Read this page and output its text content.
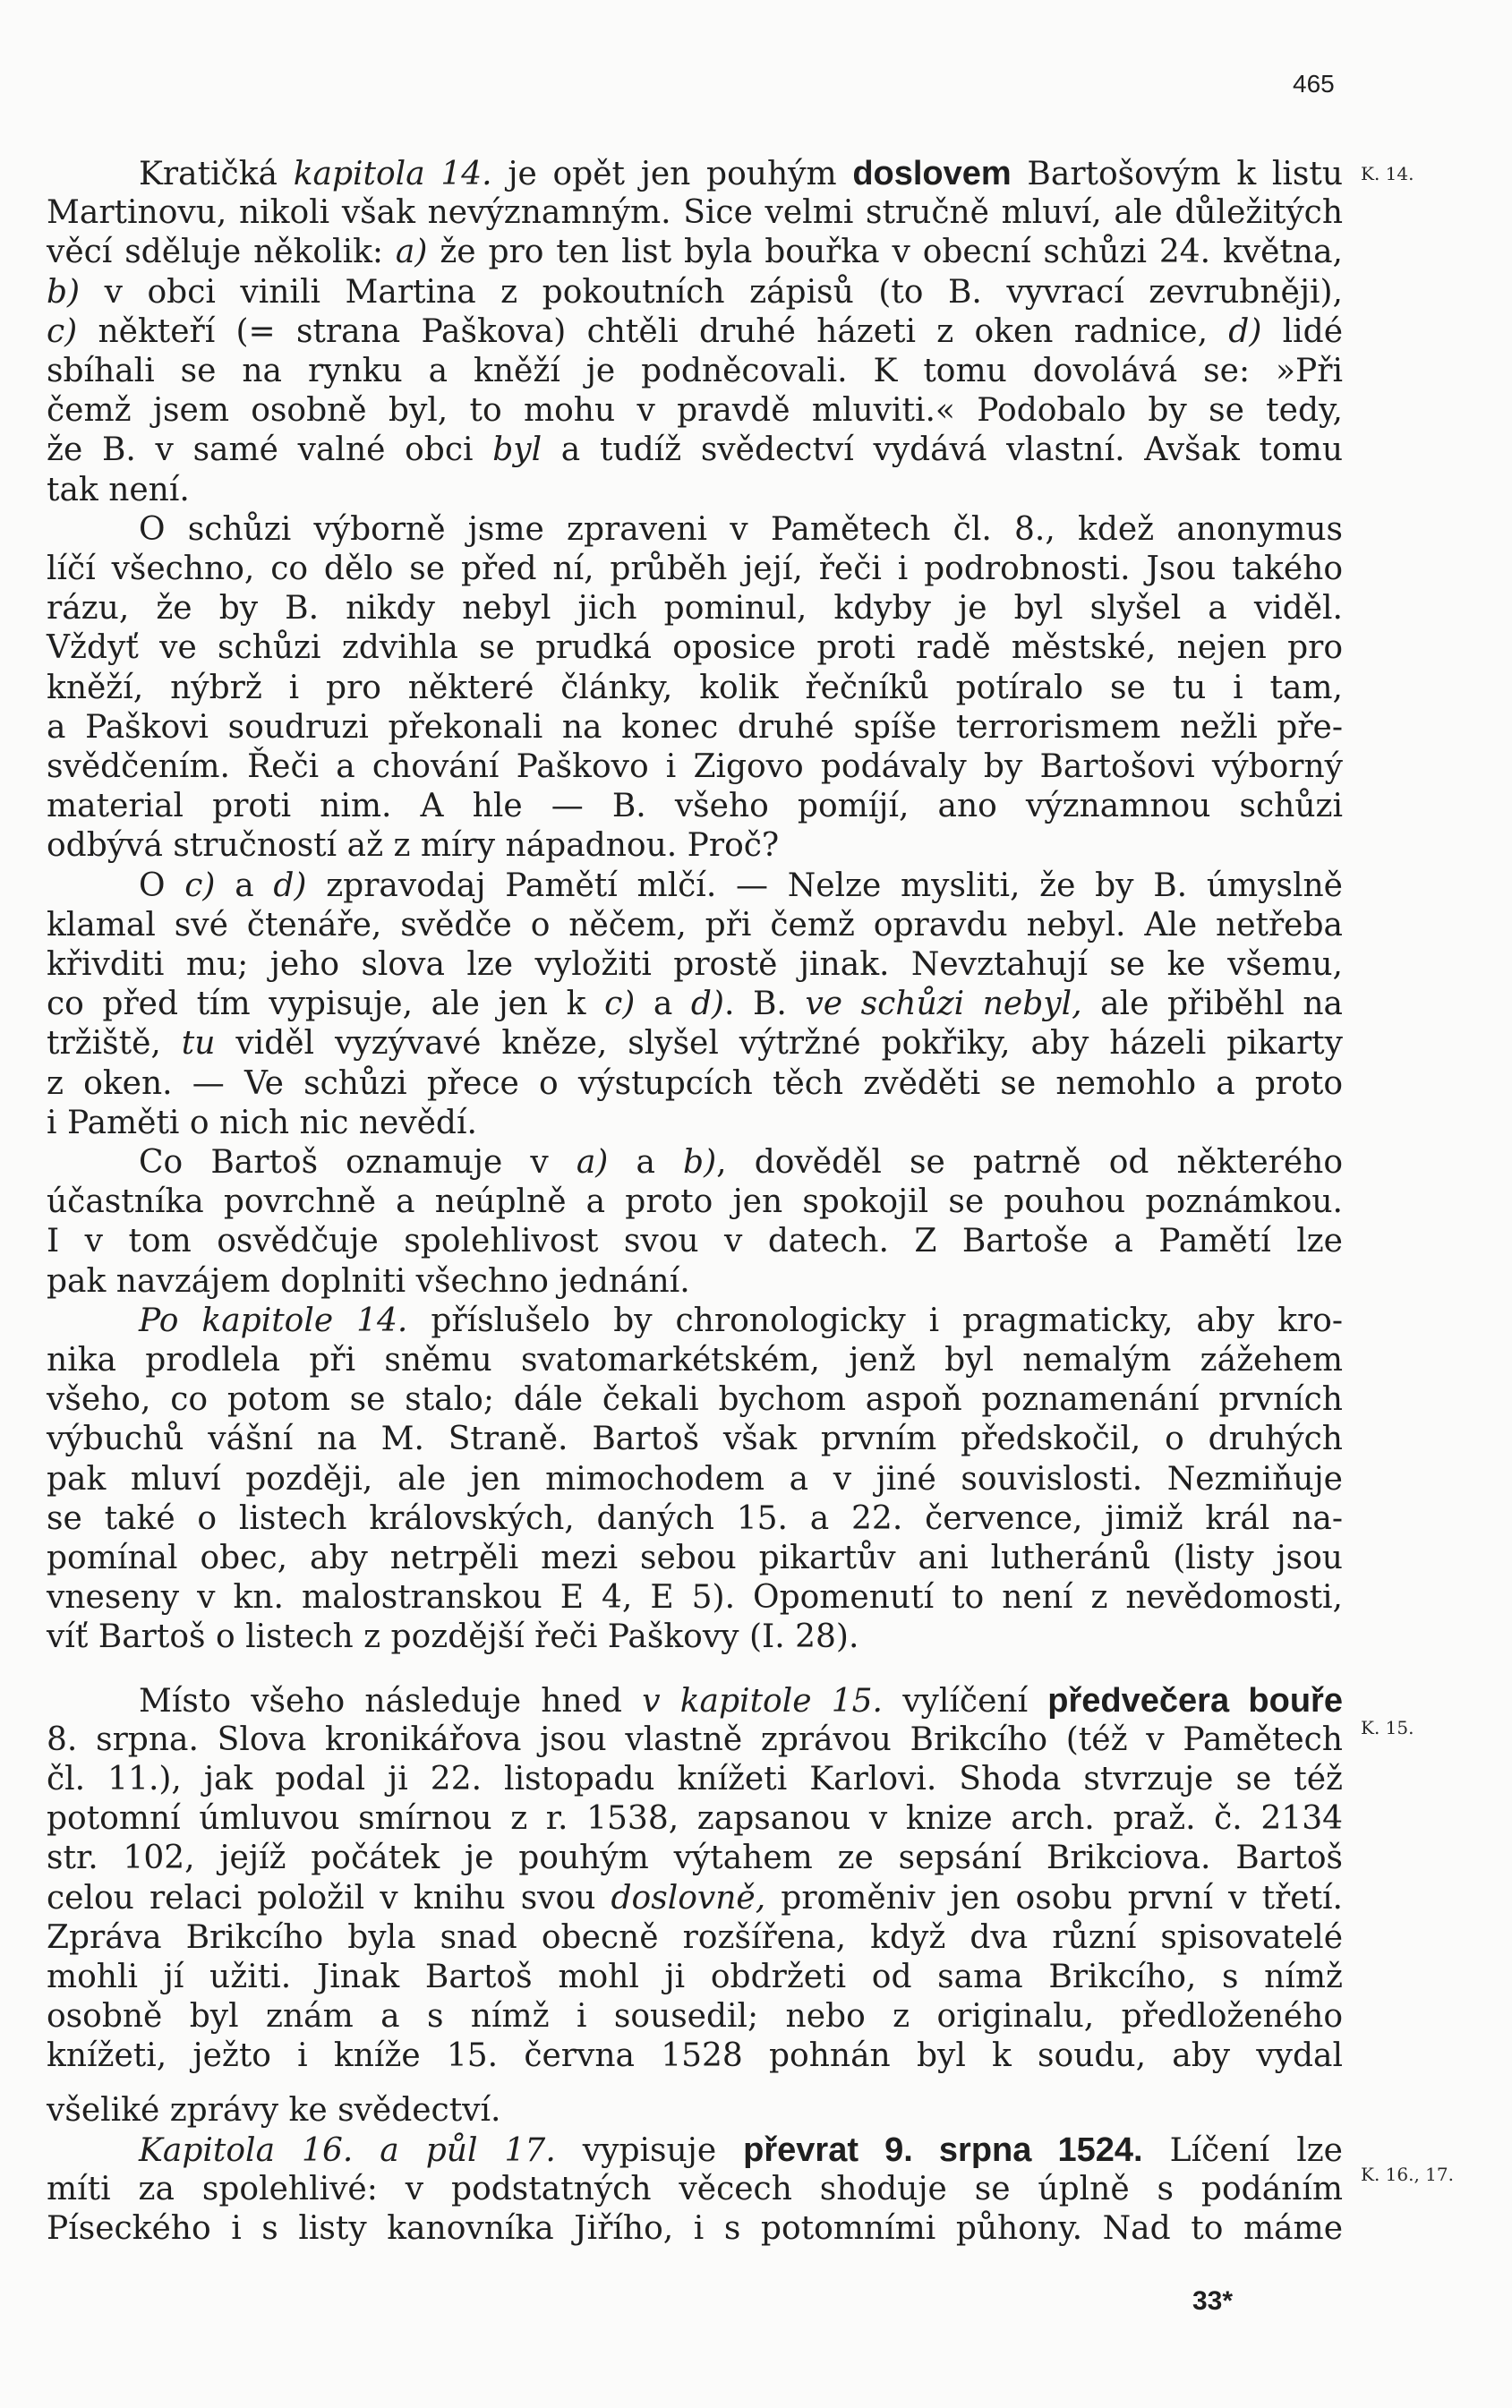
465
Kratičká kapitola 14. je opět jen pouhým doslovem Bartošovým k listu
Martinovu, nikoli však nevýznamným. Sice velmi stručně mluví, ale důležitých
věcí sděluje několik: a) že pro ten list byla bouřka v obecní schůzi 24. května,
b) v obci vinili Martina z pokoutních zápisů (to B. vyvrací zevrubněji),
c) někteří (= strana Paškova) chtěli druhé házeti z oken radnice, d) lidé
sbíhali se na rynku a kněží je podněcovali. K tomu dovolává se: »Při
čemž jsem osobně byl, to mohu v pravdě mluviti.« Podobalo by se tedy,
že B. v samé valné obci byl a tudíž svědectví vydává vlastní. Avšak tomu
tak není.
O schůzi výborně jsme zpraveni v Pamětech čl. 8., kdež anonymus
líčí všechno, co dělo se před ní, průběh její, řeči i podrobnosti. Jsou takého
rázu, že by B. nikdy nebyl jich pominul, kdyby je byl slyšel a viděl.
Vždyť ve schůzi zdvihla se prudká oposice proti radě městské, nejen pro
kněží, nýbrž i pro některé články, kolik řečníků potíralo se tu i tam,
a Paškovi soudruzi překonali na konec druhé spíše terrorismem nežli pře-
svědčením. Řeči a chování Paškovo i Zigovo podávaly by Bartošovi výborný
material proti nim. A hle — B. všeho pomíjí, ano významnou schůzi
odbývá stručností až z míry nápadnou. Proč?
O c) a d) zpravodaj Pamětí mlčí. — Nelze mysliti, že by B. úmyslně
klamal své čtenáře, svědče o něčem, při čemž opravdu nebyl. Ale netřeba
křivditi mu; jeho slova lze vyložiti prostě jinak. Nevztahují se ke všemu,
co před tím vypisuje, ale jen k c) a d). B. ve schůzi nebyl, ale přiběhl na
tržiště, tu viděl vyzývavé kněze, slyšel výtržné pokřiky, aby házeli pikarty
z oken. — Ve schůzi přece o výstupcích těch zvěděti se nemohlo a proto
i Paměti o nich nic nevědí.
Co Bartoš oznamuje v a) a b), dověděl se patrně od některého
účastníka povrchně a neúplně a proto jen spokojil se pouhou poznámkou.
I v tom osvědčuje spolehlivost svou v datech. Z Bartoše a Pamětí lze
pak navzájem doplniti všechno jednání.
Po kapitole 14. příslušelo by chronologicky i pragmaticky, aby kro-
nika prodlela při sněmu svatomarkétském, jenž byl nemalým zážehem
všeho, co potom se stalo; dále čekali bychom aspoň poznamenání prvních
výbuchů vášní na M. Straně. Bartoš však prvním předskočil, o druhých
pak mluví později, ale jen mimochodem a v jiné souvislosti. Nezmiňuje
se také o listech královských, daných 15. a 22. července, jimiž král na-
pomínal obec, aby netrpěli mezi sebou pikartův ani lutheránů (listy jsou
vneseny v kn. malostranskou E 4, E 5). Opomenutí to není z nevědomosti,
víť Bartoš o listech z pozdější řeči Paškovy (I. 28).
Místo všeho následuje hned v kapitole 15. vylíčení předvečera bouře
8. srpna. Slova kronikářova jsou vlastně zprávou Brikcího (též v Pamětech
čl. 11.), jak podal ji 22. listopadu knížeti Karlovi. Shoda stvrzuje se též
potomní úmluvou smírnou z r. 1538, zapsanou v knize arch. praž. č. 2134
str. 102, jejíž počátek je pouhým výtahem ze sepsání Brikciova. Bartoš
celou relaci položil v knihu svou doslovně, proměniv jen osobu první v třetí.
Zpráva Brikcího byla snad obecně rozšířena, když dva různí spisovatelé
mohli jí užiti. Jinak Bartoš mohl ji obdržeti od sama Brikcího, s nímž
osobně byl znám a s nímž i sousedil; nebo z originalu, předloženého
knížeti, ježto i kníže 15. června 1528 pohnán byl k soudu, aby vydal
všeliké zprávy ke svědectví.
Kapitola 16. a půl 17. vypisuje převrat 9. srpna 1524. Líčení lze
míti za spolehlivé: v podstatných věcech shoduje se úplně s podáním
Píseckého i s listy kanovníka Jiřího, i s potomními půhony. Nad to máme
K. 14.
K. 15.
K. 16., 17.
33*
